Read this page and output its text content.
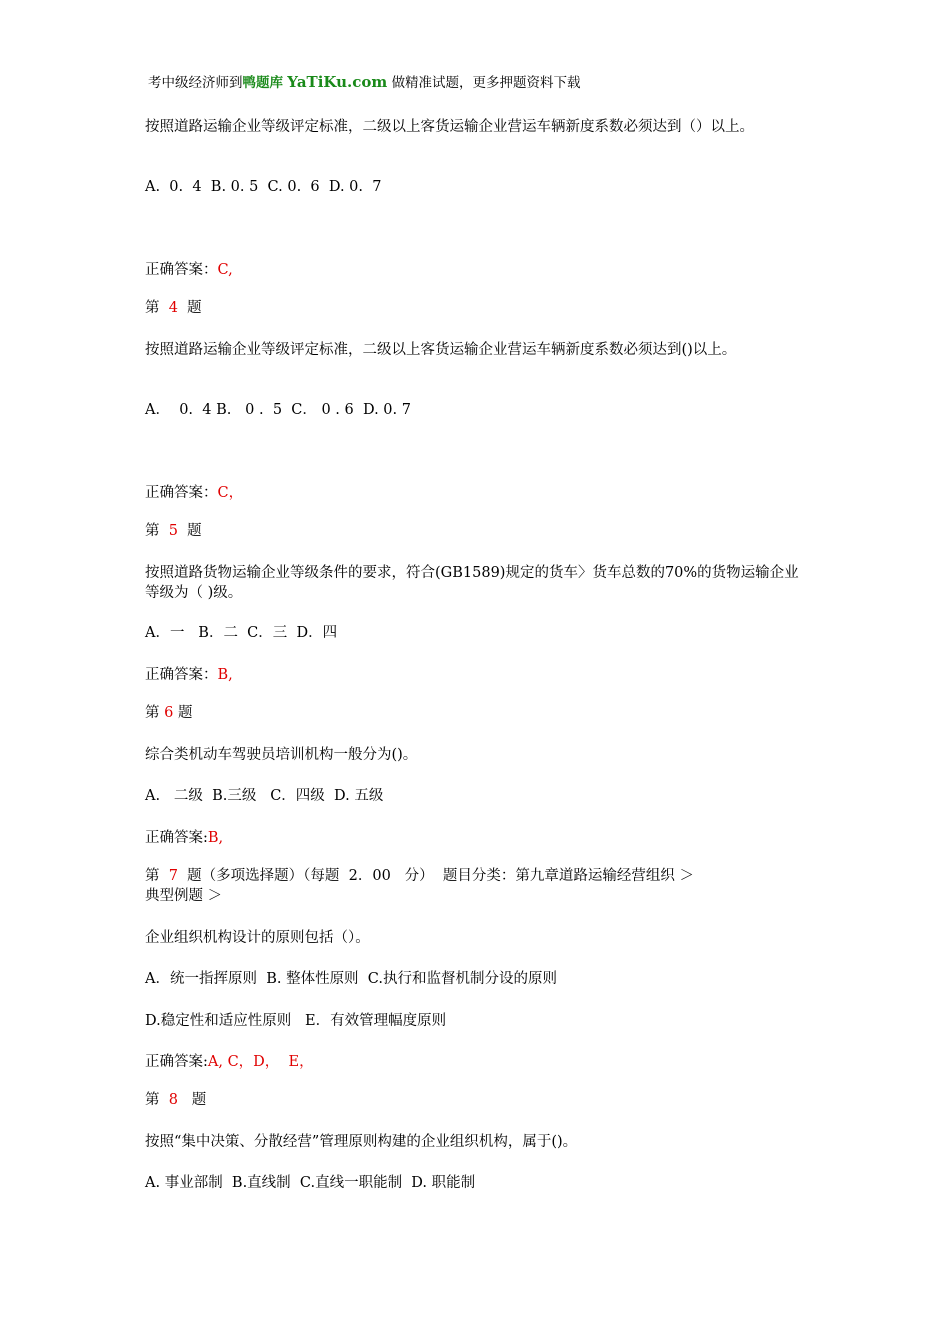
考中级经济师到鸭题库 YaTiKu.com 做精准试题，更多押题资料下载
按照道路运输企业等级评定标准，二级以上客货运输企业营运车辆新度系数必须达到（）以上。
A.  0.  4  B. 0. 5  C. 0.  6  D. 0.  7
正确答案：C,
第  4  题
按照道路运输企业等级评定标准，二级以上客货运输企业营运车辆新度系数必须达到()以上。
A．  0.  4 B.   0 .  5  C． 0 . 6  D. 0. 7
正确答案：C，
第  5  题
按照道路货物运输企业等级条件的要求，符合(GB1589)规定的货车〉货车总数的70%的货物运输企业等级为（ )级。
A．一   B．二  C．三  D．四
正确答案：B,
第 6 题
综合类机动车驾驶员培训机构一般分为()。
A.   二级  B.三级   C．四级  D. 五级
正确答案:B,
第  7  题（多项选择题）（每题  2．00   分）  题目分类：第九章道路运输经营组织 ＞
典型例题 ＞
企业组织机构设计的原则包括（）。
A．统一指挥原则  B. 整体性原则  C.执行和监督机制分设的原则
D.稳定性和适应性原则   E．有效管理幅度原则
正确答案:A, C，D，  E，
第  8   题
按照“集中决策、分散经营”管理原则构建的企业组织机构，属于()。
A. 事业部制  B.直线制  C.直线一职能制  D. 职能制
